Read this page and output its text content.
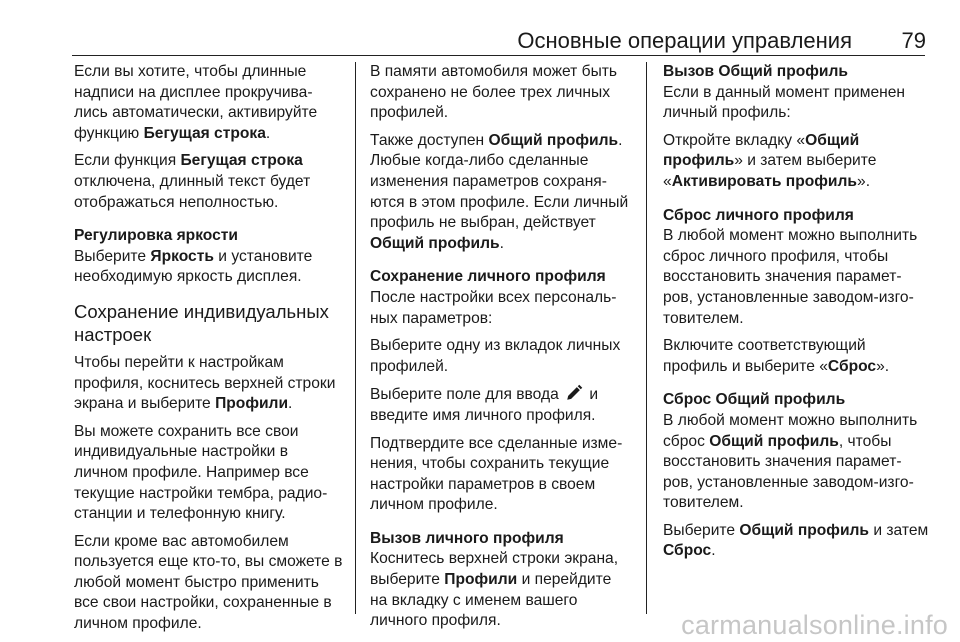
Основные операции управления 79

Если вы хотите, чтобы длинные надписи на дисплее прокручива-лись автоматически, активируйте функцию Бегущая строка.

Если функция Бегущая строка отключена, длинный текст будет отображаться неполностью.

Регулировка яркости

Выберите Яркость и установите необходимую яркость дисплея.

Сохранение индивидуальных настроек

Чтобы перейти к настройкам профиля, коснитесь верхней строки экрана и выберите Профили.

Вы можете сохранить все свои индивидуальные настройки в личном профиле. Например все текущие настройки тембра, радио-станции и телефонную книгу.

Если кроме вас автомобилем пользуется еще кто-то, вы сможете в любой момент быстро применить все свои настройки, сохраненные в личном профиле.

В памяти автомобиля может быть сохранено не более трех личных профилей.

Также доступен Общий профиль. Любые когда-либо сделанные изменения параметров сохраня-ются в этом профиле. Если личный профиль не выбран, действует Общий профиль.

Сохранение личного профиля

После настройки всех персональ-ных параметров:

Выберите одну из вкладок личных профилей.

Выберите поле для ввода  и введите имя личного профиля.

Подтвердите все сделанные изме-нения, чтобы сохранить текущие настройки параметров в своем личном профиле.

Вызов личного профиля

Коснитесь верхней строки экрана, выберите Профили и перейдите на вкладку с именем вашего личного профиля.

Вызов Общий профиль

Если в данный момент применен личный профиль:

Откройте вкладку «Общий профиль» и затем выберите «Активировать профиль».

Сброс личного профиля

В любой момент можно выполнить сброс личного профиля, чтобы восстановить значения парамет-ров, установленные заводом-изго-товителем.

Включите соответствующий профиль и выберите «Сброс».

Сброс Общий профиль

В любой момент можно выполнить сброс Общий профиль, чтобы восстановить значения парамет-ров, установленные заводом-изго-товителем.

Выберите Общий профиль и затем Сброс.

carmanualsonline.info
